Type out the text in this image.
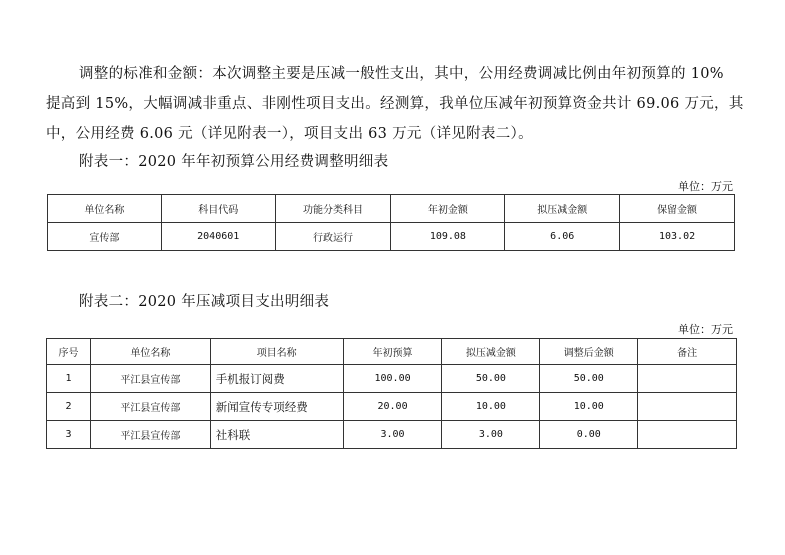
调整的标准和金额：本次调整主要是压减一般性支出，其中，公用经费调减比例由年初预算的 10%
提高到 15%，大幅调减非重点、非刚性项目支出。经测算，我单位压减年初预算资金共计 69.06 万元，其
中，公用经费 6.06 元（详见附表一），项目支出 63 万元（详见附表二）。
附表一：2020 年年初预算公用经费调整明细表
单位：万元
单位名称	科目代码	功能分类科目	年初金额	拟压减金额	保留金额
宣传部	2040601	行政运行	109.08	6.06	103.02
附表二：2020 年压减项目支出明细表
单位：万元
序号	单位名称	项目名称	年初预算	拟压减金额	调整后金额	备注
1	平江县宣传部	手机报订阅费	100.00	50.00	50.00	
2	平江县宣传部	新闻宣传专项经费	20.00	10.00	10.00	
3	平江县宣传部	社科联	3.00	3.00	0.00	
